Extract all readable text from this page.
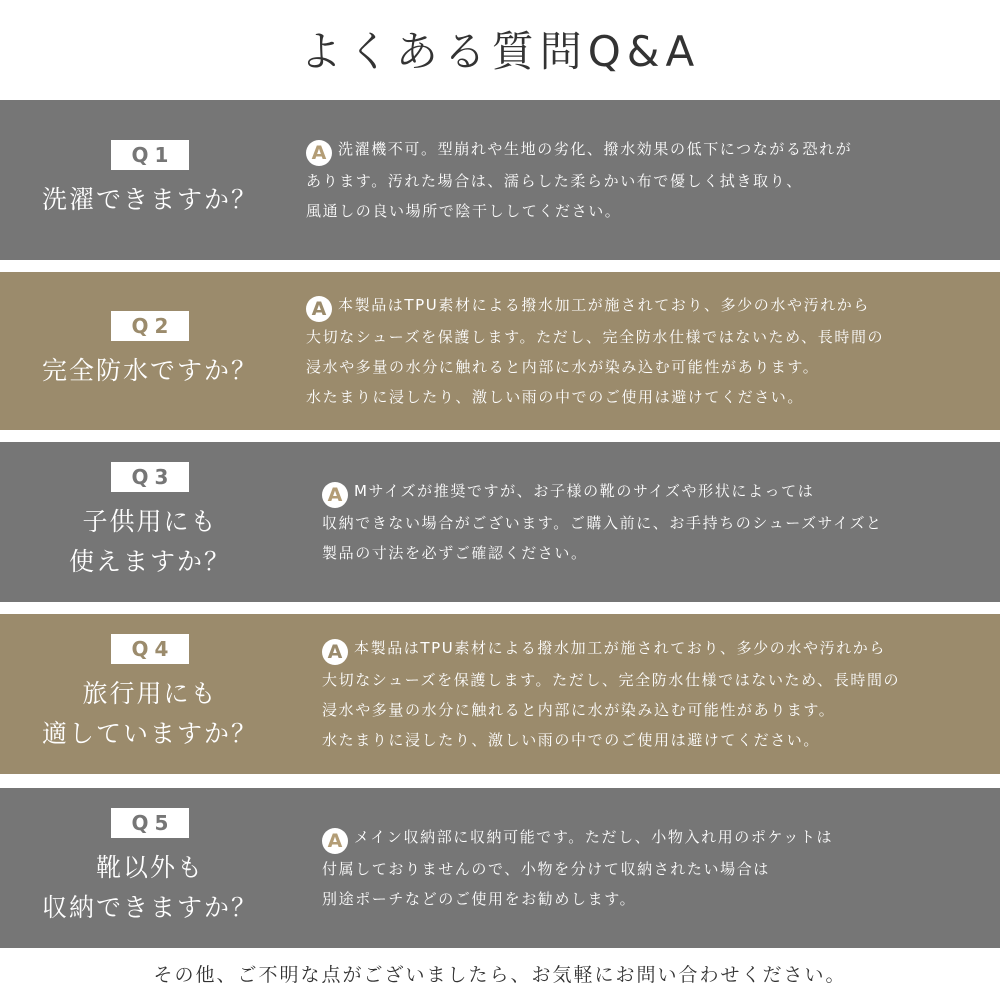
よくある質問Q&A
Q1
洗濯できますか？
A 洗濯機不可。型崩れや生地の劣化、撥水効果の低下につながる恐れが
あります。汚れた場合は、濡らした柔らかい布で優しく拭き取り、
風通しの良い場所で陰干ししてください。
Q2
完全防水ですか？
A 本製品はTPU素材による撥水加工が施されており、多少の水や汚れから
大切なシューズを保護します。ただし、完全防水仕様ではないため、長時間の
浸水や多量の水分に触れると内部に水が染み込む可能性があります。
水たまりに浸したり、激しい雨の中でのご使用は避けてください。
Q3
子供用にも
使えますか？
A Mサイズが推奨ですが、お子様の靴のサイズや形状によっては
収納できない場合がございます。ご購入前に、お手持ちのシューズサイズと
製品の寸法を必ずご確認ください。
Q4
旅行用にも
適していますか？
A 本製品はTPU素材による撥水加工が施されており、多少の水や汚れから
大切なシューズを保護します。ただし、完全防水仕様ではないため、長時間の
浸水や多量の水分に触れると内部に水が染み込む可能性があります。
水たまりに浸したり、激しい雨の中でのご使用は避けてください。
Q5
靴以外も
収納できますか？
A メイン収納部に収納可能です。ただし、小物入れ用のポケットは
付属しておりませんので、小物を分けて収納されたい場合は
別途ポーチなどのご使用をお勧めします。
その他、ご不明な点がございましたら、お気軽にお問い合わせください。
